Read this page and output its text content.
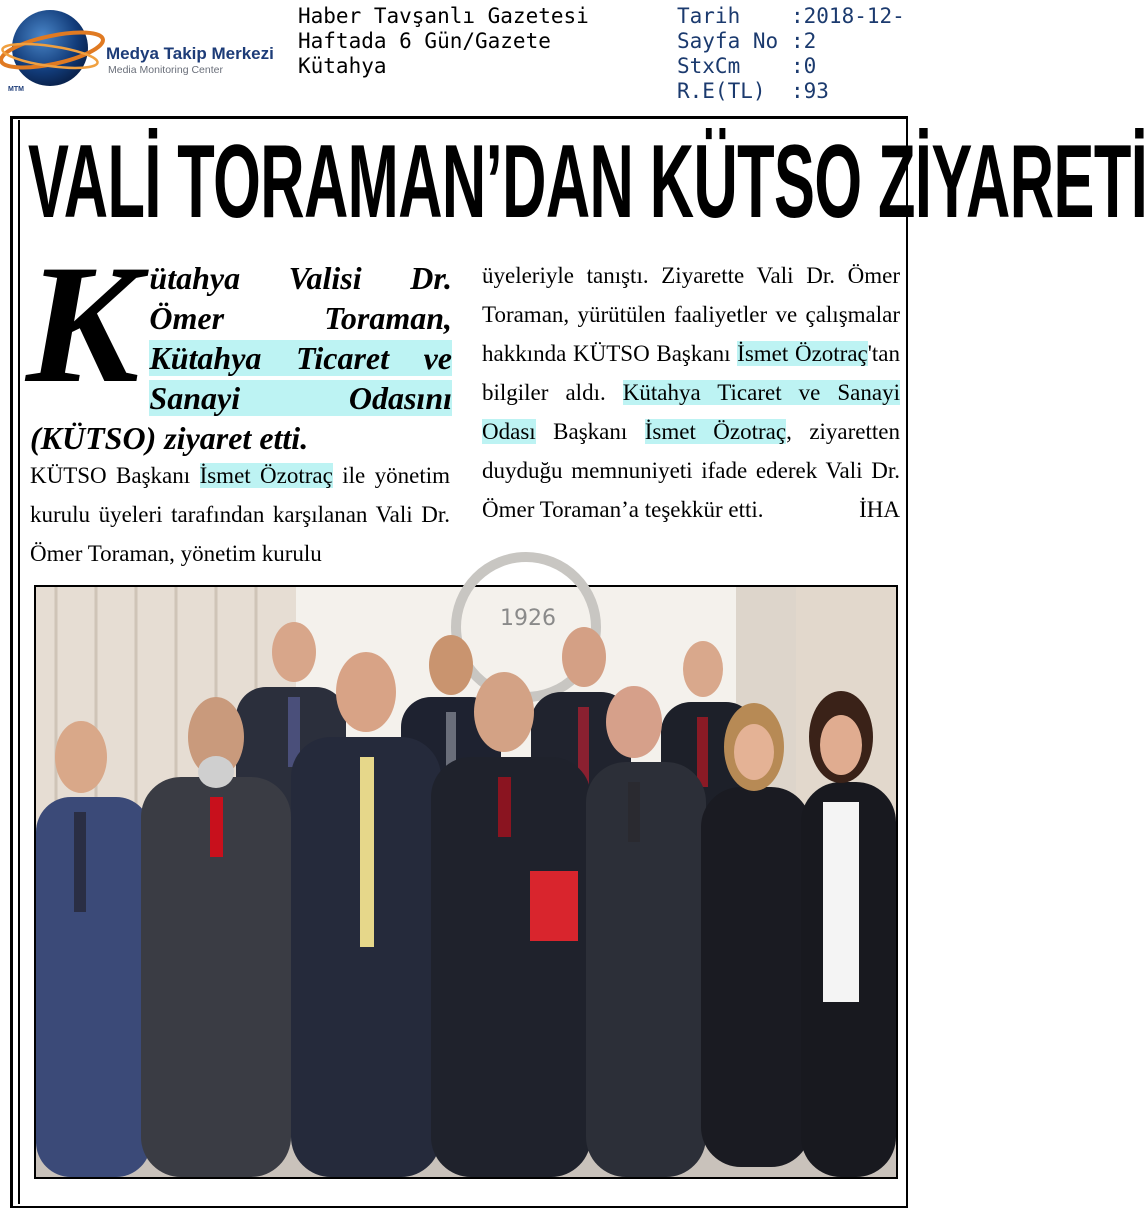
MTM
Medya Takip Merkezi
Media Monitoring Center
Haber Tavşanlı Gazetesi
Haftada 6 Gün/Gazete
Kütahya
Tarih	:2018-12-
Sayfa No :2
StxCm	:0
R.E(TL)	:93
VALİ TORAMAN’DAN KÜTSO ZİYARETİ
Kütahya Valisi Dr. Ömer Toraman, Kütahya Ticaret ve Sanayi Odasını (KÜTSO) ziyaret etti.
KÜTSO Başkanı İsmet Özotraç ile yönetim kurulu üyeleri tarafından karşılanan Vali Dr. Ömer Toraman, yönetim kurulu
üyeleriyle tanıştı. Ziyarette Vali Dr. Ömer Toraman, yürütülen faaliyetler ve çalışmalar hakkında KÜTSO Başkanı İsmet Özotraç'tan bilgiler aldı. Kütahya Ticaret ve Sanayi Odası Başkanı İsmet Özotraç, ziyaretten duyduğu memnuniyeti ifade ederek Vali Dr. Ömer Toraman’a teşekkür etti.	İHA
1926
